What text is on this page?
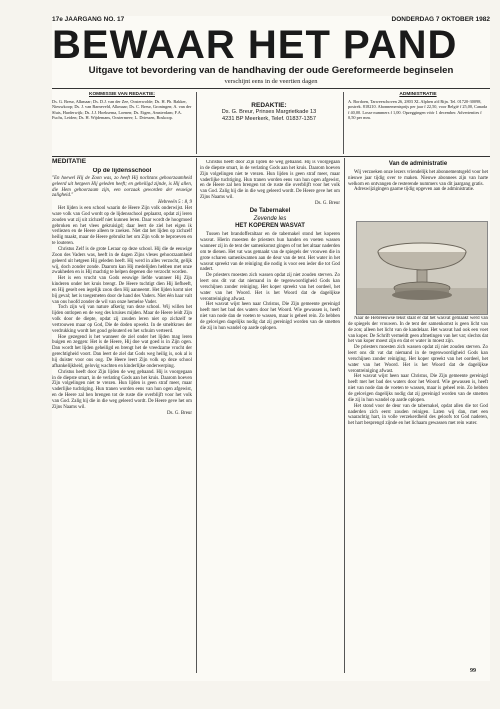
17e JAARGANG NO. 17	DONDERDAG 7 OKTOBER 1982
BEWAAR HET PAND
Uitgave tot bevordering van de handhaving der oude Gereformeerde beginselen
verschijnt eens in de veertien dagen
KOMMISSIE VAN REDAKTIE:
Ds. G. Breur, Alkmaar; Ds. D.J. van der Zee, Oosterwolde; Ds. H. Ph. Bakker, Nieuwkoop; Ds. J. van Barneveld, Alkmaar; Ds. C. Breur, Groningen; A. van der Sluis, Harderwijk; Ds. J.J. Hoeksema, Loenen; Ds. Eigen, Amsterdam; F.A. Fuchs, Leiden; Ds. H. Wijdemans, Oostermeer; L. Driessen, Boskoop.
REDAKTIE:
Ds. G. Breur, Prinses Margrietkade 13
4231 BP Meerkerk, Telef. 01837-1357
ADMINISTRATIE
A. Bordoen, Tarweeschoven 26, 2803 XL Alphen a/d Rijn. Tel. 01720-30098, postrek. 818210. Abonnementsprijs per jaar f 22,50, voor België f 25,00, Canada f 40,00. Losse nummers f 1,00. Opzeggingen vóór 1 december. Advertenties f 0,50 per mm.
MEDITATIE

Op de lijdensschool

"En hoewel Hij de Zoon was, zo heeft Hij nochtans gehoorzaamheid geleerd uit hetgeen Hij geleden heeft; en geheiligd zijnde, is Hij allen, die Hem gehoorzaam zijn, een oorzaak geworden der eeuwige zaligheid."

Hebreeën 5 : 8, 9

Het lijden is een school waarin de Heere Zijn volk onderwijst. Het ware volk van God wordt op de lijdensschool geplaatst, opdat zij leren zouden wat zij uit zichzelf niet kunnen leren. Daar wordt de hoogmoed gebroken en het vlees gekruisigd; daar leert de ziel het eigen ik verliezen en de Heere alleen te zoeken. Niet dat het lijden op zichzelf heilig maakt, maar de Heere gebruikt het om Zijn volk te beproeven en te louteren.

Christus Zelf is de grote Leraar op deze school. Hij die de eeuwige Zoon des Vaders was, heeft in de dagen Zijns vleses gehoorzaamheid geleerd uit hetgeen Hij geleden heeft. Hij werd in alles verzocht, gelijk wij, doch zonder zonde. Daarom kan Hij medelijden hebben met onze zwakheden en is Hij machtig te helpen degenen die verzocht worden.

Het is een vrucht van Gods eeuwige liefde wanneer Hij Zijn kinderen onder het kruis brengt. De Heere tuchtigt dien Hij liefheeft, en Hij geselt een iegelijk zoon dien Hij aanneemt. Het lijden komt niet bij geval; het is toegemeten door de hand des Vaders. Niet één haar valt van ons hoofd zonder de wil van onze hemelse Vader.

Toch zijn wij van nature afkerig van deze school. Wij willen het lijden ontlopen en de weg des kruises mijden. Maar de Heere leidt Zijn volk door de diepte, opdat zij zouden leren niet op zichzelf te vertrouwen maar op God, Die de doden opwekt. In de smeltkroes der verdrukking wordt het goud gelouterd en het schuim verteerd.

Hoe gezegend is het wanneer de ziel onder het lijden mag leren buigen en zeggen: Het is de Heere, Hij doe wat goed is in Zijn ogen. Dan wordt het lijden geheiligd en brengt het de vreedzame vrucht der gerechtigheid voort. Dan leert de ziel dat Gods weg heilig is, ook al is hij duister voor ons oog. De Heere leert Zijn volk op deze school afhankelijkheid, gelovig wachten en kinderlijke onderwerping.

Christus heeft door Zijn lijden de weg gebaand. Hij is voorgegaan in de diepste smart, in de verlating Gods aan het kruis. Daarom hoeven Zijn volgelingen niet te vrezen. Hun lijden is geen straf meer, maar vaderlijke tuchtiging. Hun tranen worden eens van hun ogen afgewist, en de Heere zal hen brengen tot de ruste die overblijft voor het volk van God. Zalig hij die in die weg geleerd wordt. De Heere geve het om Zijns Naams wil.

Ds. G. Breur

Christus heeft door Zijn lijden de weg gebaand. Hij is voorgegaan in de diepste smart, in de verlating Gods aan het kruis. Daarom hoeven Zijn volgelingen niet te vrezen. Hun lijden is geen straf meer, maar vaderlijke tuchtiging. Hun tranen worden eens van hun ogen afgewist, en de Heere zal hen brengen tot de ruste die overblijft voor het volk van God. Zalig hij die in die weg geleerd wordt. De Heere geve het om Zijns Naams wil.

Ds. G. Breur

De Tabernakel

Zevende les

HET KOPEREN WASVAT

Tussen het brandofferaltaar en de tabernakel stond het koperen wasvat. Hierin moesten de priesters hun handen en voeten wassen wanneer zij in de tent der samenkomst gingen of tot het altaar naderden om te dienen. Het vat was gemaakt van de spiegels der vrouwen die in grote scharen samenkwamen aan de deur van de tent. Het water in het wasvat spreekt van de reiniging die nodig is voor een ieder die tot God nadert.

De priesters moesten zich wassen opdat zij niet zouden sterven. Zo leert ons dit vat dat niemand in de tegenwoordigheid Gods kan verschijnen zonder reiniging. Het koper spreekt van het oordeel, het water van het Woord. Het is het Woord dat de dagelijkse verontreiniging afwast.

Het wasvat wijst heen naar Christus, Die Zijn gemeente gereinigd heeft met het bad des waters door het Woord. Wie gewassen is, heeft niet van node dan de voeten te wassen, maar is geheel rein. Zo hebben de gelovigen dagelijks nodig dat zij gereinigd worden van de smetten die zij in hun wandel op aarde oplopen.

Van de administratie

Wij verzoeken onze lezers vriendelijk het abonnementsgeld voor het nieuwe jaar tijdig over te maken. Nieuwe abonnees zijn van harte welkom en ontvangen de resterende nummers van dit jaargang gratis.

Adreswijzigingen gaarne tijdig opgeven aan de administratie.

Naar de Hebreeuwse tekst staat er dat het wasvat gemaakt werd van de spiegels der vrouwen. In de tent der samenkomst is geen licht van de zon; alleen het licht van de kandelaar. Het wasvat had ook een voet van koper. De Schrift vermeldt geen afmetingen van het vat; slechts dat het van koper moest zijn en dat er water in moest zijn.

De priesters moesten zich wassen opdat zij niet zouden sterven. Zo leert ons dit vat dat niemand in de tegenwoordigheid Gods kan verschijnen zonder reiniging. Het koper spreekt van het oordeel, het water van het Woord. Het is het Woord dat de dagelijkse verontreiniging afwast.

Het wasvat wijst heen naar Christus, Die Zijn gemeente gereinigd heeft met het bad des waters door het Woord. Wie gewassen is, heeft niet van node dan de voeten te wassen, maar is geheel rein. Zo hebben de gelovigen dagelijks nodig dat zij gereinigd worden van de smetten die zij in hun wandel op aarde oplopen.

Het stond voor de deur van de tabernakel, opdat allen die tot God naderden zich eerst zouden reinigen. Laten wij dan, met een waarachtig hart, in volle verzekerdheid des geloofs tot God naderen, het hart besprengd zijnde en het lichaam gewassen met rein water.

99
